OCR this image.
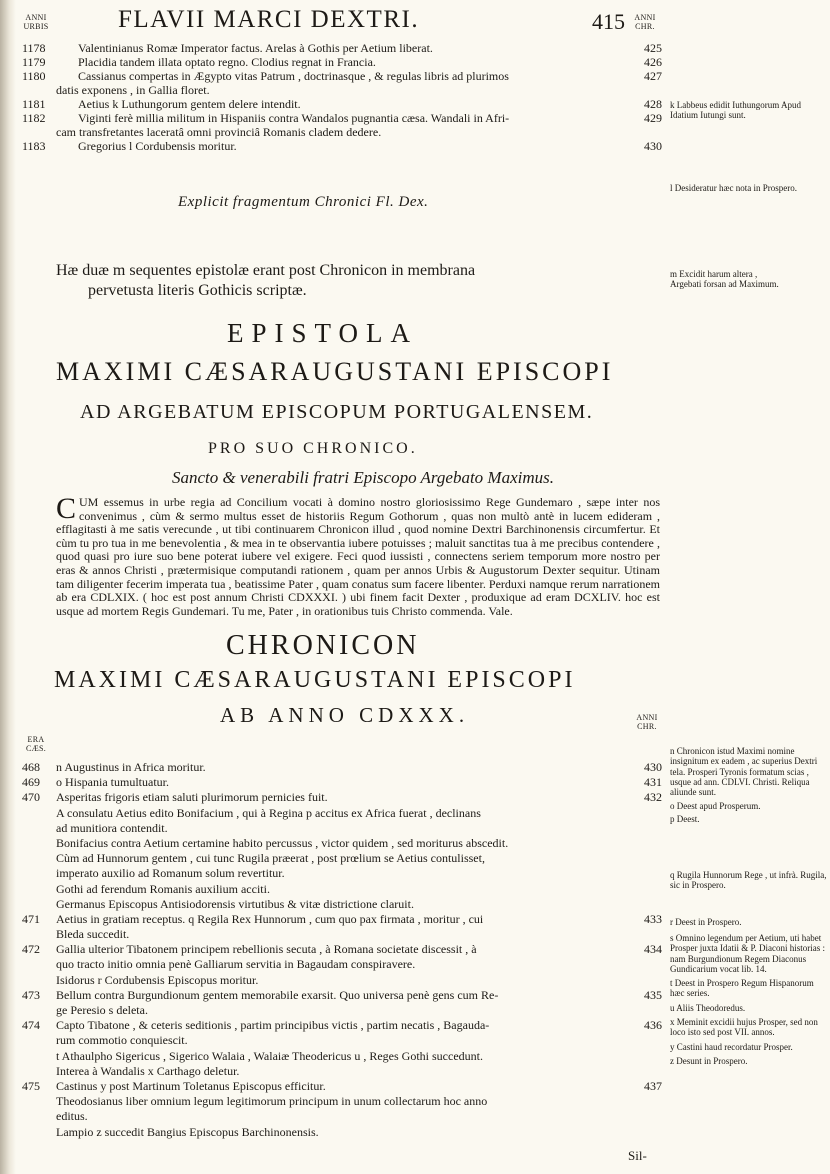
ANNI
URBIS	FLAVII MARCI DEXTRI.	415 ANNI
CHR.
1178	Valentinianus Romæ Imperator factus. Arelas à Gothis per Aetium liberat.	425
1179	Placidia tandem illata optato regno. Clodius regnat in Francia.	426
1180	Cassianus compertas in Ægypto vitas Patrum , doctrinasque , & regulas libris ad plurimos	427
datis exponens , in Gallia floret.
1181	Aetius k Luthungorum gentem delere intendit.	428
1182	Viginti ferè millia militum in Hispaniis contra Wandalos pugnantia cæsa. Wandali in Afri-	429
cam transfretantes laceratâ omni provinciâ Romanis cladem dedere.
1183	Gregorius l Cordubensis moritur.	430
k Labbeus edidit Iuthungorum Apud Idatium Iutungi sunt.
l Desideratur hæc nota in Prospero.
Explicit fragmentum Chronici Fl. Dex.
Hæ duæ m sequentes epistolæ erant post Chronicon in membrana
pervetusta literis Gothicis scriptæ.
m Excidit harum altera , Argebati forsan ad Maximum.
EPISTOLA
MAXIMI CÆSARAUGUSTANI EPISCOPI
AD ARGEBATUM EPISCOPUM PORTUGALENSEM.
PRO SUO CHRONICO.
Sancto & venerabili fratri Episcopo Argebato Maximus.
CUM essemus in urbe regia ad Concilium vocati à domino nostro gloriosissimo Rege Gundemaro , sæpe inter nos convenimus , cùm & sermo multus esset de historiis Regum Gothorum , quas non multò antè in lucem edideram , efflagitasti à me satis verecunde , ut tibi continuarem Chronicon illud , quod nomine Dextri Barchinonensis circumfertur. Et cùm tu pro tua in me benevolentia , & mea in te observantia iubere potuisses ; maluit sanctitas tua à me precibus contendere , quod quasi pro iure suo bene poterat iubere vel exigere. Feci quod iussisti , connectens seriem temporum more nostro per eras & annos Christi , prætermisique computandi rationem , quam per annos Urbis & Augustorum Dexter sequitur. Utinam tam diligenter fecerim imperata tua , beatissime Pater , quam conatus sum facere libenter. Perduxi namque rerum narrationem ab era CDLXIX. ( hoc est post annum Christi CDXXXI. ) ubi finem facit Dexter , produxique ad eram DCXLIV. hoc est usque ad mortem Regis Gundemari. Tu me, Pater , in orationibus tuis Christo commenda. Vale.
CHRONICON
MAXIMI CÆSARAUGUSTANI EPISCOPI
AB ANNO CDXXX.
ERA
CÆS.
ANNI
CHR.
468	n Augustinus in Africa moritur.	430
469	o Hispania tumultuatur.	431
470	Asperitas frigoris etiam saluti plurimorum pernicies fuit.	432
A consulatu Aetius edito Bonifacium , qui à Regina p accitus ex Africa fuerat , declinans
ad munitiora contendit.
Bonifacius contra Aetium certamine habito percussus , victor quidem , sed moriturus abscedit.
Cùm ad Hunnorum gentem , cui tunc Rugila præerat , post prœlium se Aetius contulisset,
imperato auxilio ad Romanum solum revertitur.
Gothi ad ferendum Romanis auxilium acciti.
Germanus Episcopus Antisiodorensis virtutibus & vitæ districtione claruit.
471	Aetius in gratiam receptus. q Regila Rex Hunnorum , cum quo pax firmata , moritur , cui	433
Bleda succedit.
472	Gallia ulterior Tibatonem principem rebellionis secuta , à Romana societate discessit , à	434
quo tracto initio omnia penè Galliarum servitia in Bagaudam conspiravere.
Isidorus r Cordubensis Episcopus moritur.
473	Bellum contra Burgundionum gentem memorabile exarsit. Quo universa penè gens cum Re-	435
ge Peresio s deleta.
474	Capto Tibatone , & ceteris seditionis , partim principibus victis , partim necatis , Bagauda-	436
rum commotio conquiescit.
t Athaulpho Sigericus , Sigerico Walaia , Walaiæ Theodericus u , Reges Gothi succedunt.
Interea à Wandalis x Carthago deletur.
475	Castinus y post Martinum Toletanus Episcopus efficitur.	437
Theodosianus liber omnium legum legitimorum principum in unum collectarum hoc anno
editus.
Lampio z succedit Bangius Episcopus Barchinonensis.
n Chronicon istud Maximi nomine insignitum ex eadem , ac superius Dextri tela. Prosperi Tyronis formatum scias , usque ad ann. CDLVI. Christi. Reliqua aliunde sunt.
o Deest apud Prosperum.
p Deest.
q Rugila Hunnorum Rege , ut infrà. Rugila, sic in Prospero.
r Deest in Prospero.
s Omnino legendum per Aetium, uti habet Prosper juxta Idatii & P. Diaconi historias : nam Burgundionum Regem Diaconus Gundicarium vocat lib. 14.
t Deest in Prospero Regum Hispanorum hæc series.
u Aliis Theodoredus.
x Meminit excidii hujus Prosper, sed non loco isto sed post VII. annos.
y Castini haud recordatur Prosper.
z Desunt in Prospero.
Sil-
